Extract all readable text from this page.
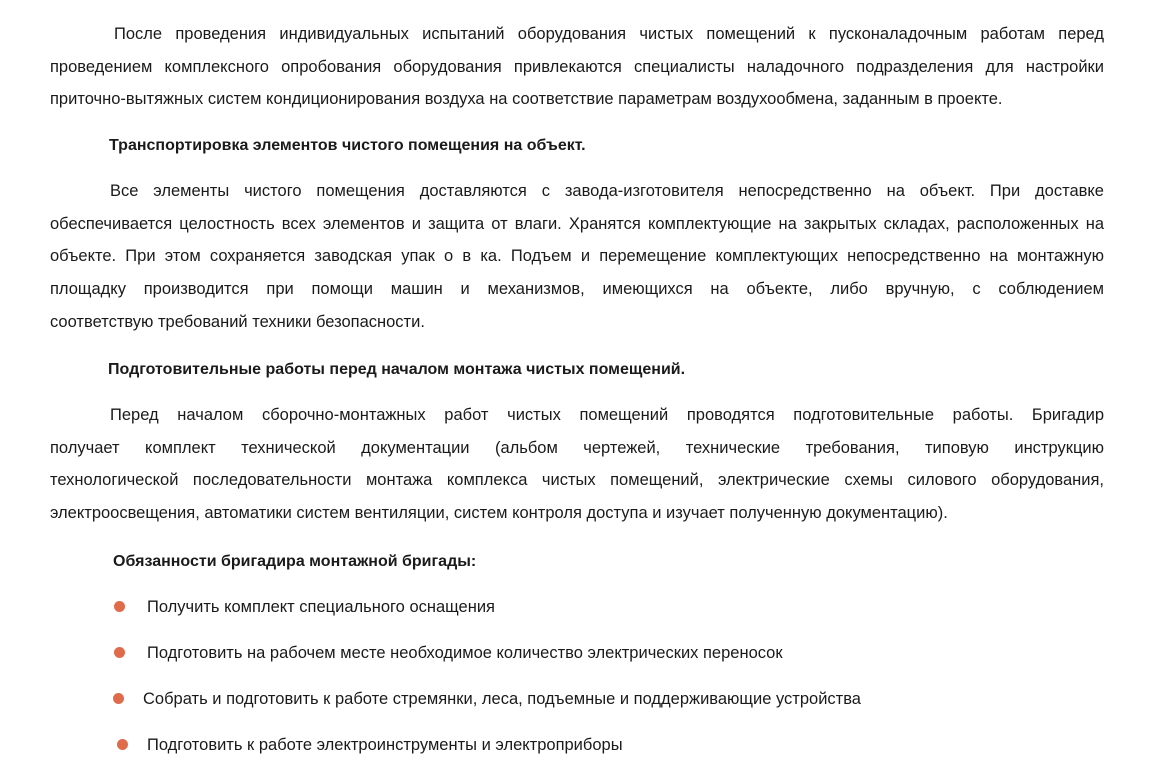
После проведения индивидуальных испытаний оборудования чистых помещений к пусконаладочным работам перед
проведением комплексного опробования оборудования привлекаются специалисты наладочного подразделения для настройки
приточно-вытяжных систем кондиционирования воздуха на соответствие параметрам воздухообмена, заданным в проекте.
Транспортировка элементов чистого помещения на объект.
Все элементы чистого помещения доставляются с завода-изготовителя непосредственно на объект. При доставке
обеспечивается целостность всех элементов и защита от влаги. Хранятся комплектующие на закрытых складах, расположенных на
объекте. При этом сохраняется заводская упак о в ка. Подъем и перемещение комплектующих непосредственно на монтажную
площадку производится при помощи машин и механизмов, имеющихся на объекте, либо вручную, с соблюдением
соответствую требований техники безопасности.
Подготовительные работы перед началом монтажа чистых помещений.
Перед началом сборочно-монтажных работ чистых помещений проводятся подготовительные работы. Бригадир
получает комплект технической документации (альбом чертежей, технические требования, типовую инструкцию
технологической последовательности монтажа комплекса чистых помещений, электрические схемы силового оборудования,
электроосвещения, автоматики систем вентиляции, систем контроля доступа и изучает полученную документацию).
Обязанности бригадира монтажной бригады:
Получить комплект специального оснащения
Подготовить на рабочем месте необходимое количество электрических переносок
Собрать и подготовить к работе стремянки, леса, подъемные и поддерживающие устройства
Подготовить к работе электроинструменты и электроприборы
